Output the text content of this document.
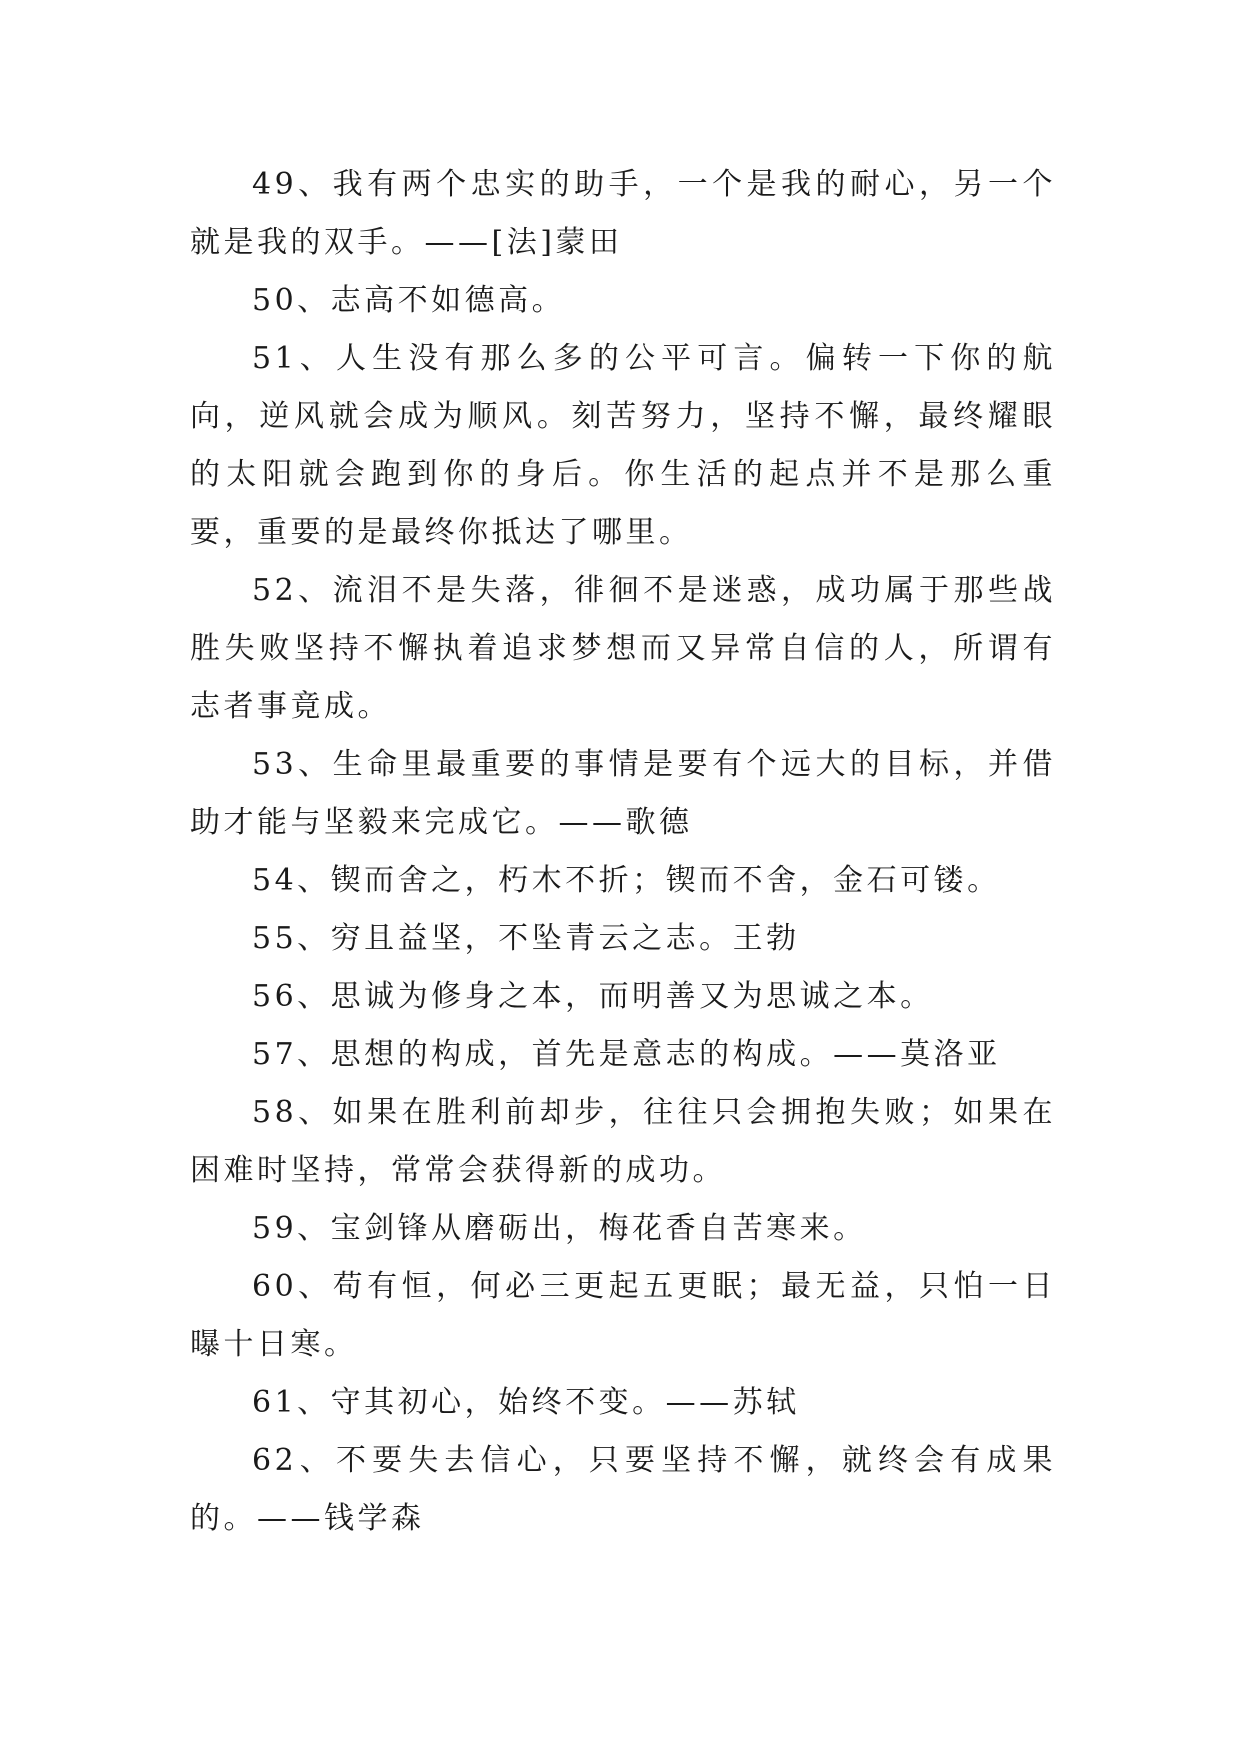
49、我有两个忠实的助手，一个是我的耐心，另一个就是我的双手。——[法]蒙田

50、志高不如德高。

51、人生没有那么多的公平可言。偏转一下你的航向，逆风就会成为顺风。刻苦努力，坚持不懈，最终耀眼的太阳就会跑到你的身后。你生活的起点并不是那么重要，重要的是最终你抵达了哪里。

52、流泪不是失落，徘徊不是迷惑，成功属于那些战胜失败坚持不懈执着追求梦想而又异常自信的人，所谓有志者事竟成。

53、生命里最重要的事情是要有个远大的目标，并借助才能与坚毅来完成它。——歌德

54、锲而舍之，朽木不折；锲而不舍，金石可镂。

55、穷且益坚，不坠青云之志。王勃

56、思诚为修身之本，而明善又为思诚之本。

57、思想的构成，首先是意志的构成。——莫洛亚

58、如果在胜利前却步，往往只会拥抱失败；如果在困难时坚持，常常会获得新的成功。

59、宝剑锋从磨砺出，梅花香自苦寒来。

60、苟有恒，何必三更起五更眠；最无益，只怕一日曝十日寒。

61、守其初心，始终不变。——苏轼

62、不要失去信心，只要坚持不懈，就终会有成果的。——钱学森
